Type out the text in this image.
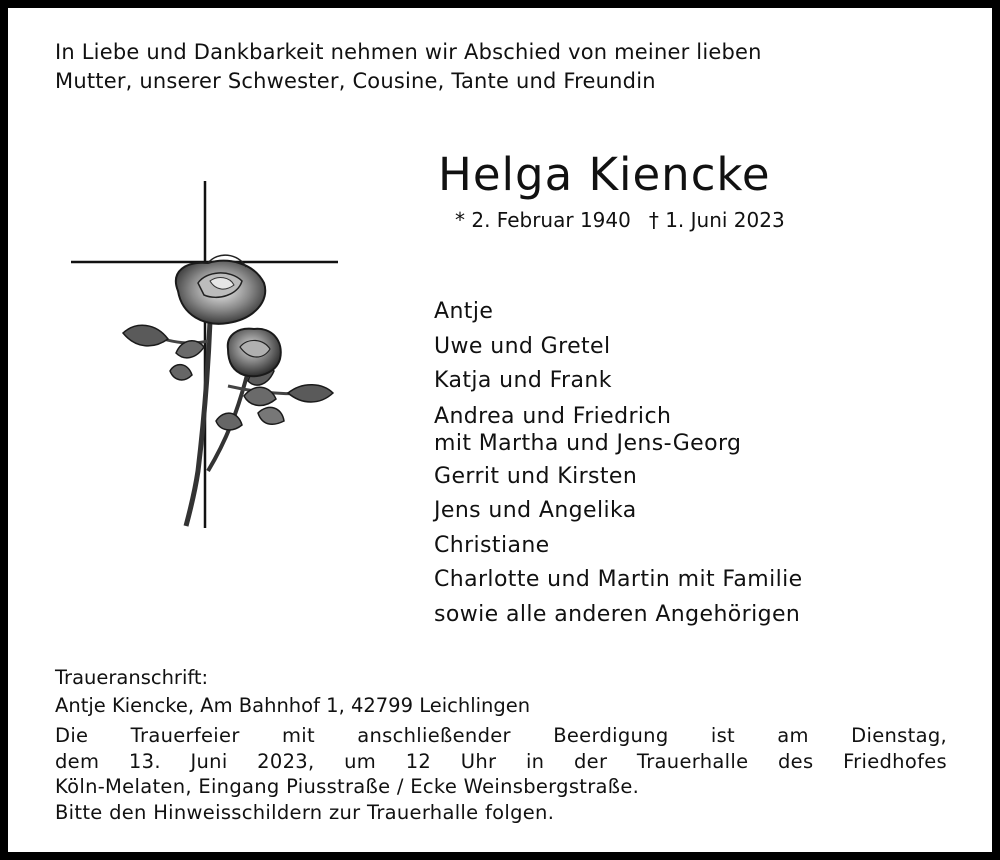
In Liebe und Dankbarkeit nehmen wir Abschied von meiner lieben
Mutter, unserer Schwester, Cousine, Tante und Freundin
Helga Kiencke
* 2. Februar 1940 † 1. Juni 2023
Antje
Uwe und Gretel
Katja und Frank
Andrea und Friedrich
mit Martha und Jens-Georg
Gerrit und Kirsten
Jens und Angelika
Christiane
Charlotte und Martin mit Familie
sowie alle anderen Angehörigen
Traueranschrift:
Antje Kiencke, Am Bahnhof 1, 42799 Leichlingen
Die Trauerfeier mit anschließender Beerdigung ist am Dienstag,
dem 13. Juni 2023, um 12 Uhr in der Trauerhalle des Friedhofes
Köln-Melaten, Eingang Piusstraße / Ecke Weinsbergstraße.
Bitte den Hinweisschildern zur Trauerhalle folgen.
